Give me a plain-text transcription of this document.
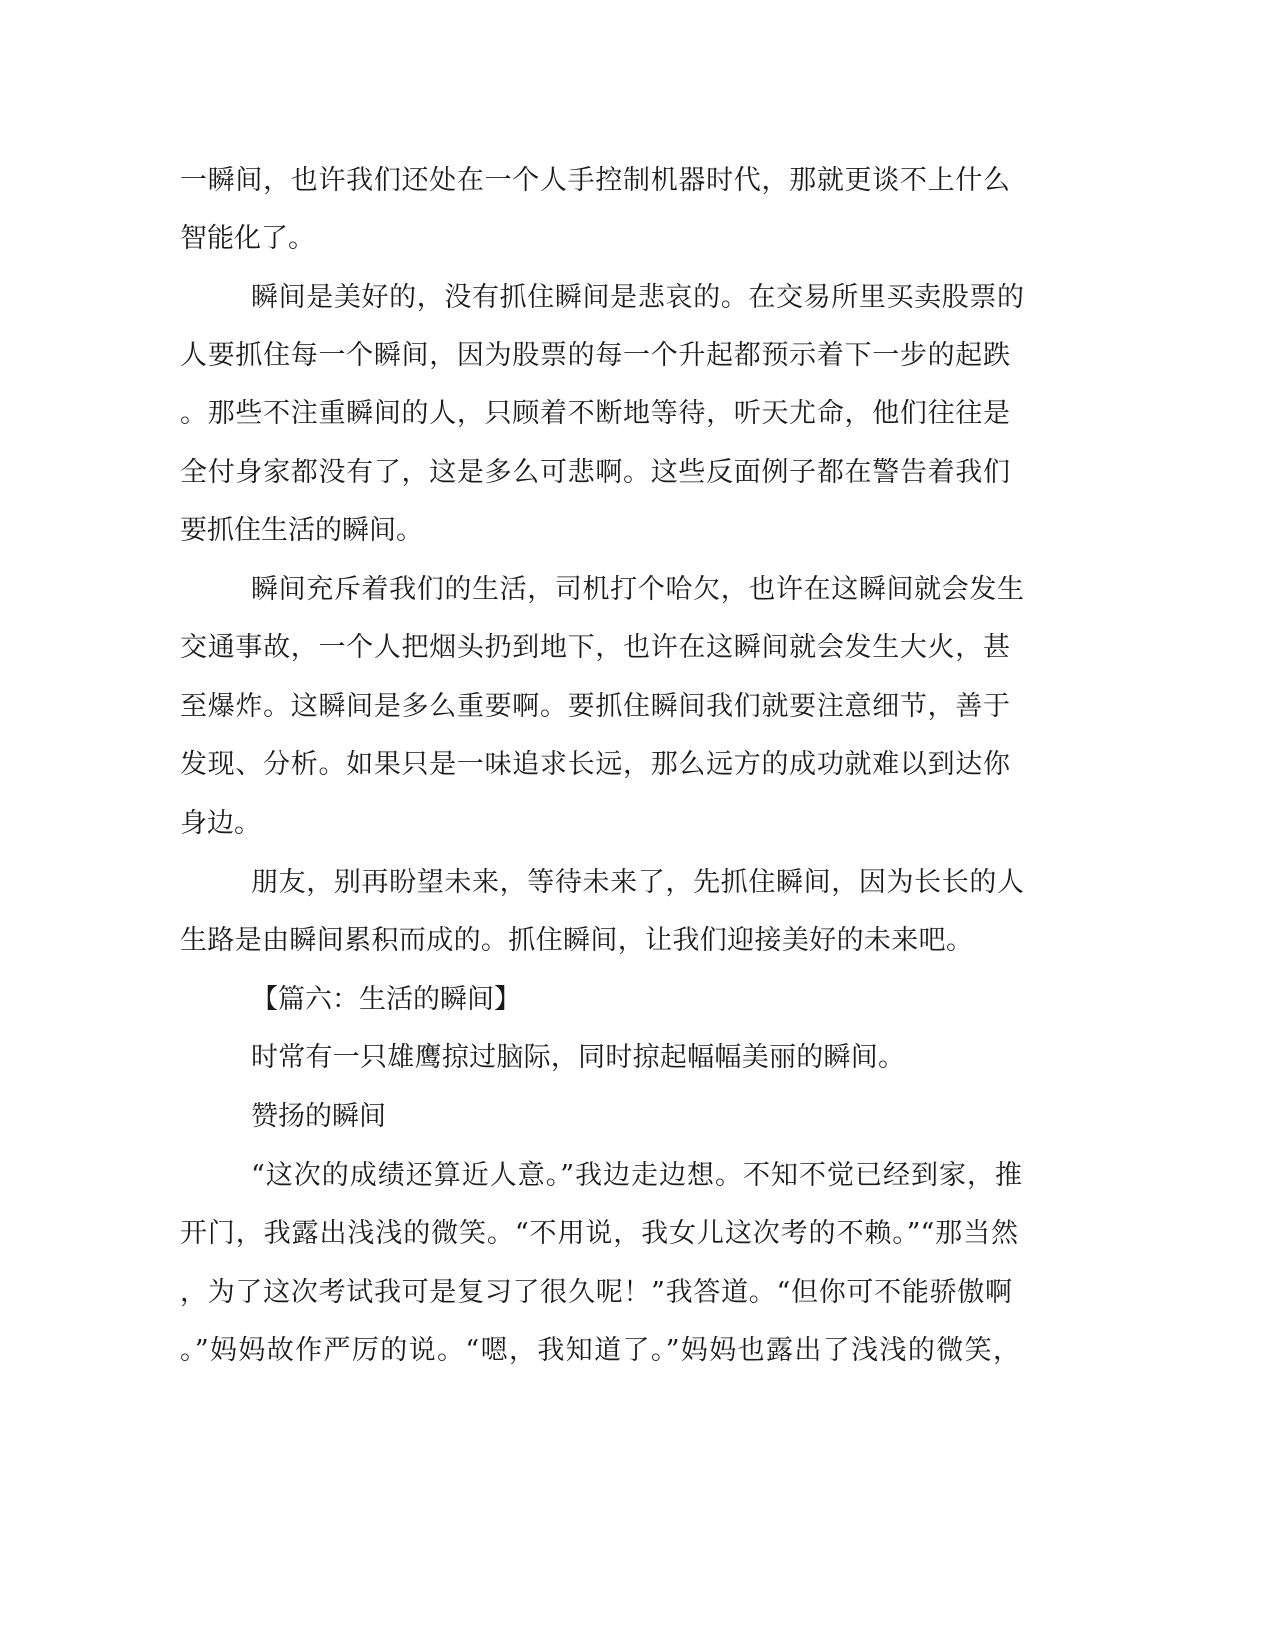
一瞬间，也许我们还处在一个人手控制机器时代，那就更谈不上什么
智能化了。
瞬间是美好的，没有抓住瞬间是悲哀的。在交易所里买卖股票的
人要抓住每一个瞬间，因为股票的每一个升起都预示着下一步的起跌
。那些不注重瞬间的人，只顾着不断地等待，听天尤命，他们往往是
全付身家都没有了，这是多么可悲啊。这些反面例子都在警告着我们
要抓住生活的瞬间。
瞬间充斥着我们的生活，司机打个哈欠，也许在这瞬间就会发生
交通事故，一个人把烟头扔到地下，也许在这瞬间就会发生大火，甚
至爆炸。这瞬间是多么重要啊。要抓住瞬间我们就要注意细节，善于
发现、分析。如果只是一味追求长远，那么远方的成功就难以到达你
身边。
朋友，别再盼望未来，等待未来了，先抓住瞬间，因为长长的人
生路是由瞬间累积而成的。抓住瞬间，让我们迎接美好的未来吧。
【篇六：生活的瞬间】
时常有一只雄鹰掠过脑际，同时掠起幅幅美丽的瞬间。
赞扬的瞬间
“这次的成绩还算近人意。”我边走边想。不知不觉已经到家，推
开门，我露出浅浅的微笑。“不用说，我女儿这次考的不赖。”“那当然
，为了这次考试我可是复习了很久呢！”我答道。“但你可不能骄傲啊
。”妈妈故作严厉的说。“嗯，我知道了。”妈妈也露出了浅浅的微笑，
